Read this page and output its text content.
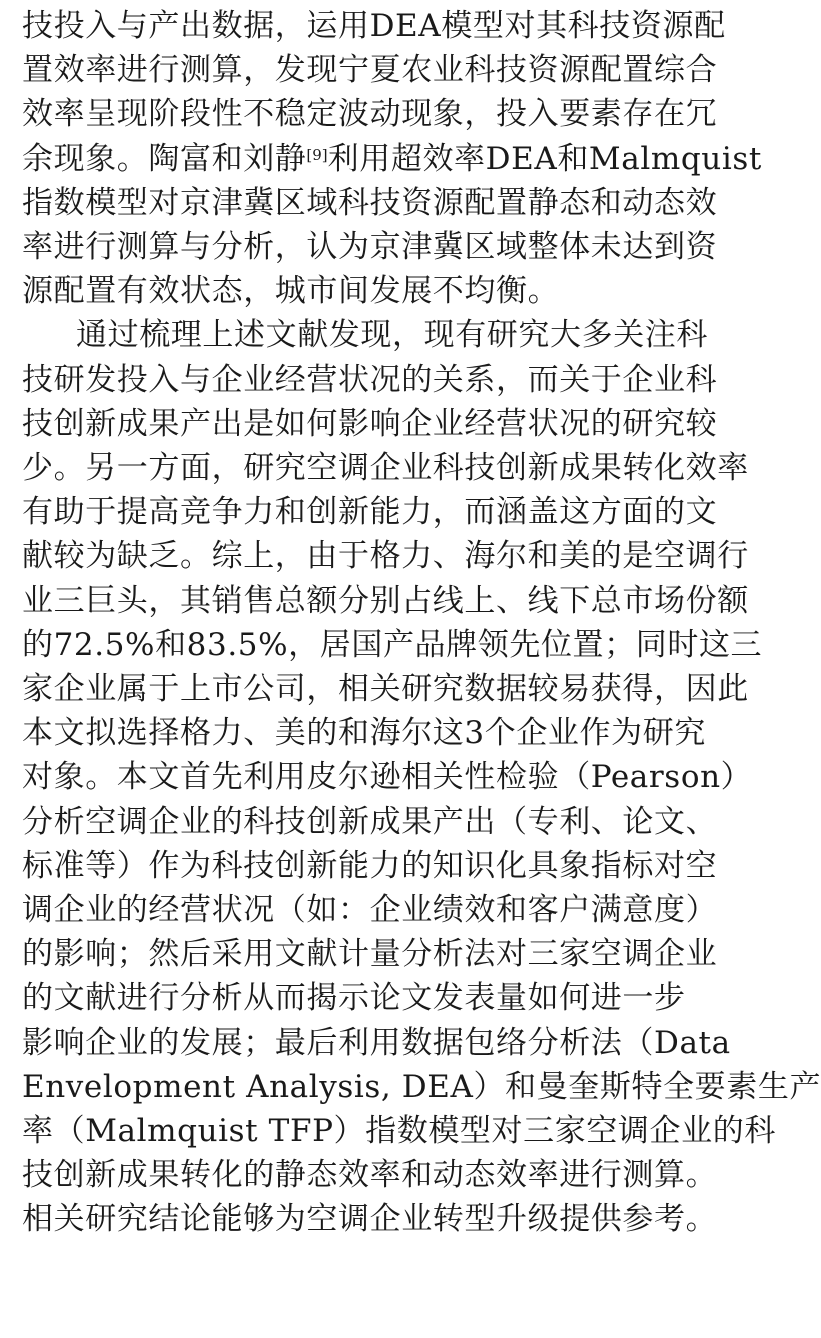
技投入与产出数据，运用DEA模型对其科技资源配
置效率进行测算，发现宁夏农业科技资源配置综合
效率呈现阶段性不稳定波动现象，投入要素存在冗
余现象。陶富和刘静[9]利用超效率DEA和Malmquist
指数模型对京津冀区域科技资源配置静态和动态效
率进行测算与分析，认为京津冀区域整体未达到资
源配置有效状态，城市间发展不均衡。
通过梳理上述文献发现，现有研究大多关注科
技研发投入与企业经营状况的关系，而关于企业科
技创新成果产出是如何影响企业经营状况的研究较
少。另一方面，研究空调企业科技创新成果转化效率
有助于提高竞争力和创新能力，而涵盖这方面的文
献较为缺乏。综上，由于格力、海尔和美的是空调行
业三巨头，其销售总额分别占线上、线下总市场份额
的72.5%和83.5%，居国产品牌领先位置；同时这三
家企业属于上市公司，相关研究数据较易获得，因此
本文拟选择格力、美的和海尔这3个企业作为研究
对象。本文首先利用皮尔逊相关性检验（Pearson）
分析空调企业的科技创新成果产出（专利、论文、
标准等）作为科技创新能力的知识化具象指标对空
调企业的经营状况（如：企业绩效和客户满意度）
的影响；然后采用文献计量分析法对三家空调企业
的文献进行分析从而揭示论文发表量如何进一步
影响企业的发展；最后利用数据包络分析法（Data
Envelopment Analysis, DEA）和曼奎斯特全要素生产
率（Malmquist TFP）指数模型对三家空调企业的科
技创新成果转化的静态效率和动态效率进行测算。
相关研究结论能够为空调企业转型升级提供参考。
